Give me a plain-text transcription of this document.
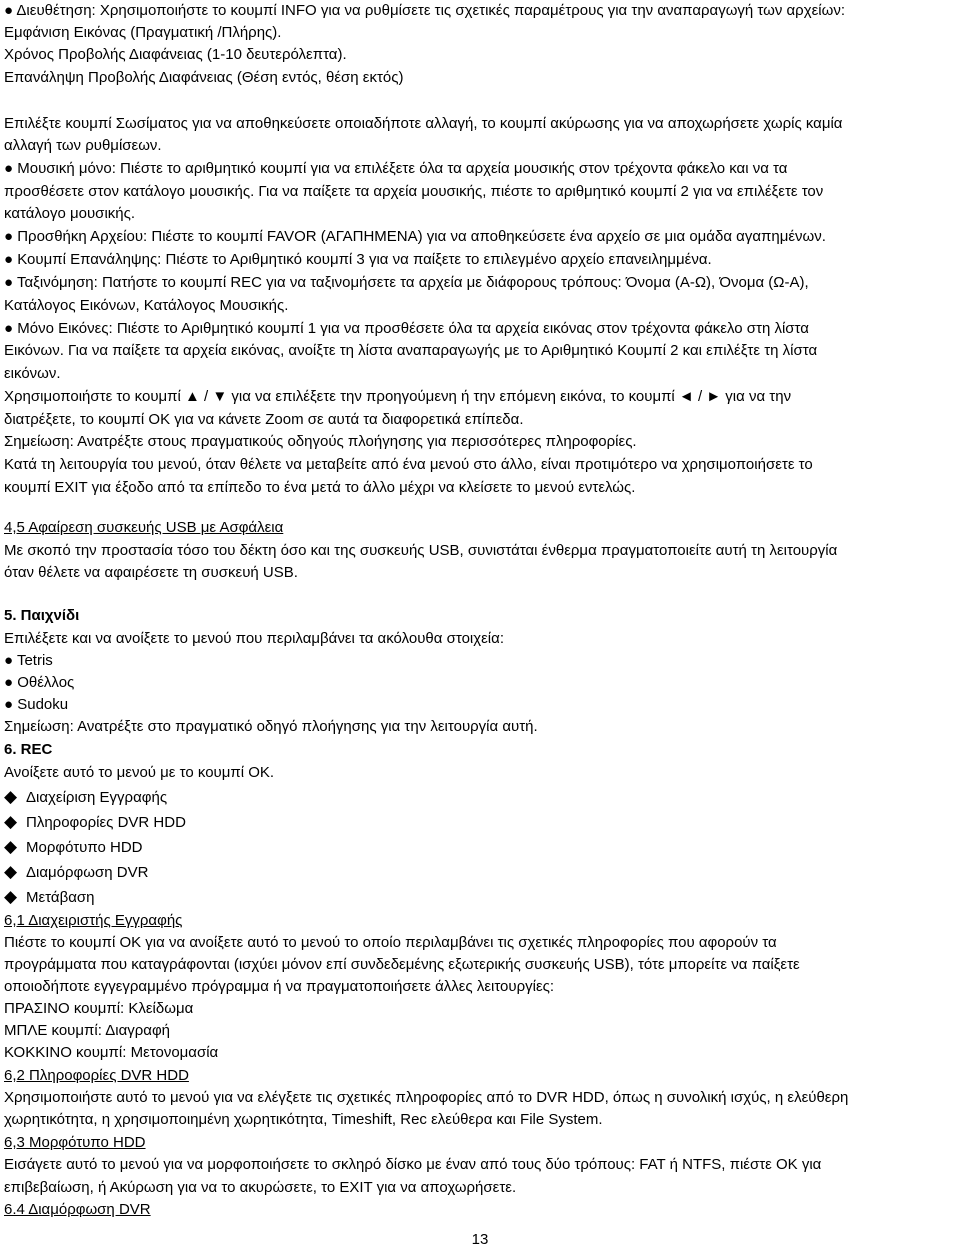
● Διευθέτηση: Χρησιμοποιήστε το κουμπί INFO για να ρυθμίσετε τις σχετικές παραμέτρους για την αναπαραγωγή των αρχείων:
Εμφάνιση Εικόνας (Πραγματική /Πλήρης).
Χρόνος Προβολής Διαφάνειας (1-10 δευτερόλεπτα).
Επανάληψη Προβολής Διαφάνειας (Θέση εντός, θέση εκτός)
Επιλέξτε κουμπί Σωσίματος για να αποθηκεύσετε οποιαδήποτε αλλαγή, το κουμπί ακύρωσης για να αποχωρήσετε χωρίς καμία
αλλαγή των ρυθμίσεων.
● Μουσική μόνο: Πιέστε το αριθμητικό κουμπί για να επιλέξετε όλα τα αρχεία μουσικής στον τρέχοντα φάκελο και να τα
προσθέσετε στον κατάλογο μουσικής. Για να παίξετε τα αρχεία μουσικής, πιέστε το αριθμητικό κουμπί 2 για να επιλέξετε τον
κατάλογο μουσικής.
● Προσθήκη Αρχείου: Πιέστε το κουμπί FAVOR (ΑΓΑΠΗΜΕΝΑ) για να αποθηκεύσετε ένα αρχείο σε μια ομάδα αγαπημένων.
● Κουμπί Επανάληψης: Πιέστε το Αριθμητικό κουμπί 3 για να παίξετε το επιλεγμένο αρχείο επανειλημμένα.
● Ταξινόμηση: Πατήστε το κουμπί REC για να ταξινομήσετε τα αρχεία με διάφορους τρόπους: Όνομα (Α-Ω), Όνομα (Ω-Α),
Κατάλογος Εικόνων, Κατάλογος Μουσικής.
● Μόνο Εικόνες: Πιέστε το Αριθμητικό κουμπί 1 για να προσθέσετε όλα τα αρχεία εικόνας στον τρέχοντα φάκελο στη λίστα
Εικόνων. Για να παίξετε τα αρχεία εικόνας, ανοίξτε τη λίστα αναπαραγωγής με το Αριθμητικό Κουμπί 2 και επιλέξτε τη λίστα
εικόνων.
Χρησιμοποιήστε το κουμπί ▲ / ▼ για να επιλέξετε την προηγούμενη ή την επόμενη εικόνα, το κουμπί ◄ / ► για να την
διατρέξετε, το κουμπί OK για να κάνετε Zoom σε αυτά τα διαφορετικά επίπεδα.
Σημείωση: Ανατρέξτε στους πραγματικούς οδηγούς πλοήγησης για περισσότερες πληροφορίες.
Κατά τη λειτουργία του μενού, όταν θέλετε να μεταβείτε από ένα μενού στο άλλο, είναι προτιμότερο να χρησιμοποιήσετε το
κουμπί EXIT για έξοδο από τα επίπεδο το ένα μετά το άλλο μέχρι να κλείσετε το μενού εντελώς.
4,5 Αφαίρεση συσκευής USB με Ασφάλεια
Με σκοπό την προστασία τόσο του δέκτη όσο και της συσκευής USB, συνιστάται ένθερμα πραγματοποιείτε αυτή τη λειτουργία
όταν θέλετε να αφαιρέσετε τη συσκευή USB.
5. Παιχνίδι
Επιλέξετε και να ανοίξετε το μενού που περιλαμβάνει τα ακόλουθα στοιχεία:
● Tetris
● Οθέλλος
● Sudoku
Σημείωση: Ανατρέξτε στο πραγματικό οδηγό πλοήγησης για την λειτουργία αυτή.
6. REC
Ανοίξετε αυτό το μενού με το κουμπί OK.
◆ Διαχείριση Εγγραφής
◆ Πληροφορίες DVR HDD
◆ Μορφότυπο HDD
◆ Διαμόρφωση DVR
◆ Μετάβαση
6,1 Διαχειριστής Εγγραφής
Πιέστε το κουμπί OK για να ανοίξετε αυτό το μενού το οποίο περιλαμβάνει τις σχετικές πληροφορίες που αφορούν τα
προγράμματα που καταγράφονται (ισχύει μόνον επί συνδεδεμένης εξωτερικής συσκευής USB), τότε μπορείτε να παίξετε
οποιοδήποτε εγγεγραμμένο πρόγραμμα ή να πραγματοποιήσετε άλλες λειτουργίες:
ΠΡΑΣΙΝΟ κουμπί: Κλείδωμα
ΜΠΛΕ κουμπί: Διαγραφή
ΚΟΚΚΙΝΟ κουμπί: Μετονομασία
6,2 Πληροφορίες DVR HDD
Χρησιμοποιήστε αυτό το μενού για να ελέγξετε τις σχετικές πληροφορίες από το DVR HDD, όπως η συνολική ισχύς, η ελεύθερη
χωρητικότητα, η χρησιμοποιημένη χωρητικότητα, Timeshift, Rec ελεύθερα και File System.
6,3 Μορφότυπο HDD
Εισάγετε αυτό το μενού για να μορφοποιήσετε το σκληρό δίσκο με έναν από τους δύο τρόπους: FAT ή NTFS, πιέστε OK για
επιβεβαίωση, ή Ακύρωση για να το ακυρώσετε, το EXIT για να αποχωρήσετε.
6.4 Διαμόρφωση DVR
13
